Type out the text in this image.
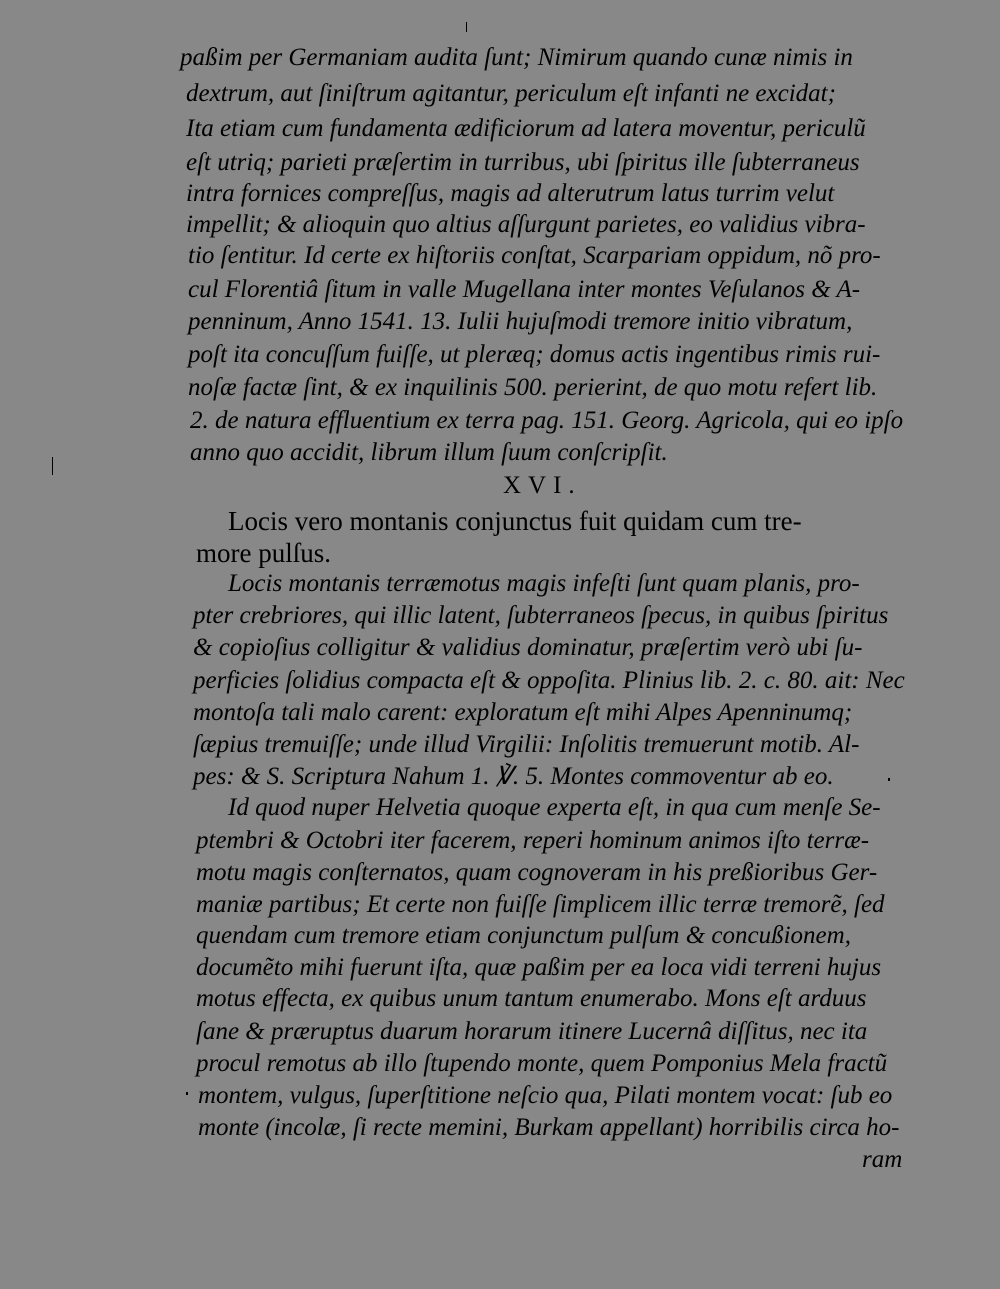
paßim per Germaniam audita ſunt; Nimirum quando cunæ nimis in
dextrum, aut ſiniſtrum agitantur, periculum eſt infanti ne excidat;
Ita etiam cum fundamenta ædificiorum ad latera moventur, periculũ
eſt utriq; parieti præſertim in turribus, ubi ſpiritus ille ſubterraneus
intra fornices compreſſus, magis ad alterutrum latus turrim velut
impellit; & alioquin quo altius aſſurgunt parietes, eo validius vibra-
tio ſentitur. Id certe ex hiſtoriis conſtat, Scarpariam oppidum, nõ pro-
cul Florentiâ ſitum in valle Mugellana inter montes Veſulanos & A-
penninum, Anno 1541. 13. Iulii hujuſmodi tremore initio vibratum,
poſt ita concuſſum fuiſſe, ut pleræq; domus actis ingentibus rimis rui-
noſæ factæ ſint, & ex inquilinis 500. perierint, de quo motu refert lib.
2. de natura effluentium ex terra pag. 151. Georg. Agricola, qui eo ipſo
anno quo accidit, librum illum ſuum conſcripſit.
XVI.
Locis vero montanis conjunctus fuit quidam cum tre-
more pulſus.
Locis montanis terræmotus magis infeſti ſunt quam planis, pro-
pter crebriores, qui illic latent, ſubterraneos ſpecus, in quibus ſpiritus
& copioſius colligitur & validius dominatur, præſertim verò ubi ſu-
perficies ſolidius compacta eſt & oppoſita. Plinius lib. 2. c. 80. ait: Nec
montoſa tali malo carent: exploratum eſt mihi Alpes Apenninumq;
ſæpius tremuiſſe; unde illud Virgilii: Inſolitis tremuerunt motib. Al-
pes: & S. Scriptura Nahum 1. ℣. 5. Montes commoventur ab eo.
Id quod nuper Helvetia quoque experta eſt, in qua cum menſe Se-
ptembri & Octobri iter facerem, reperi hominum animos iſto terræ-
motu magis conſternatos, quam cognoveram in his preßioribus Ger-
maniæ partibus; Et certe non fuiſſe ſimplicem illic terræ tremorẽ, ſed
quendam cum tremore etiam conjunctum pulſum & concußionem,
documẽto mihi fuerunt iſta, quæ paßim per ea loca vidi terreni hujus
motus effecta, ex quibus unum tantum enumerabo. Mons eſt arduus
ſane & præruptus duarum horarum itinere Lucernâ diſſitus, nec ita
procul remotus ab illo ſtupendo monte, quem Pomponius Mela fractũ
montem, vulgus, ſuperſtitione neſcio qua, Pilati montem vocat: ſub eo
monte (incolæ, ſi recte memini, Burkam appellant) horribilis circa ho-
ram
